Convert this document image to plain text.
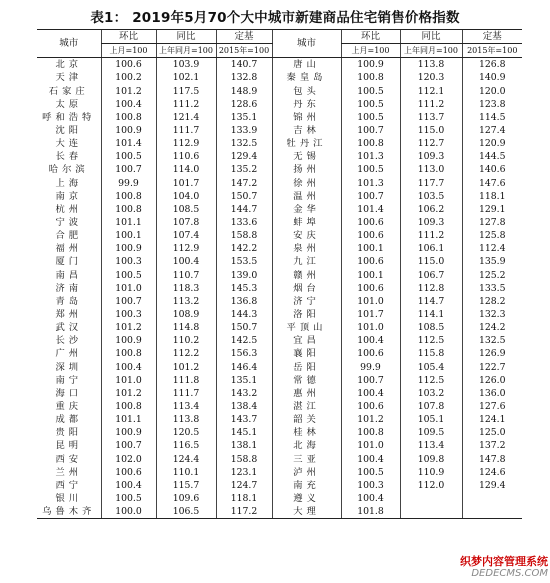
表1： 2019年5月70个大中城市新建商品住宅销售价格指数
城市	环比	同比	定基	城市	环比	同比	定基
	上月=100	上年同月=100	2015年=100		上月=100	上年同月=100	2015年=100
北京	100.6	103.9	140.7	唐山	100.9	113.8	126.8
天津	100.2	102.1	132.8	秦皇岛	100.8	120.3	140.9
石家庄	101.2	117.5	148.9	包头	100.5	112.1	120.0
太原	100.4	111.2	128.6	丹东	100.5	111.2	123.8
呼和浩特	100.8	121.4	135.1	锦州	100.5	113.7	114.5
沈阳	100.9	111.7	133.9	吉林	100.7	115.0	127.4
大连	101.4	112.9	132.5	牡丹江	100.8	112.7	120.9
长春	100.5	110.6	129.4	无锡	101.3	109.3	144.5
哈尔滨	100.7	114.0	135.2	扬州	100.5	113.0	140.6
上海	99.9	101.7	147.2	徐州	101.3	117.7	147.6
南京	100.8	104.0	150.7	温州	100.7	103.5	118.1
杭州	100.8	108.5	144.7	金华	101.4	106.2	129.1
宁波	101.1	107.8	133.6	蚌埠	100.6	109.3	127.8
合肥	100.1	107.4	158.8	安庆	100.6	111.2	125.8
福州	100.9	112.9	142.2	泉州	100.1	106.1	112.4
厦门	100.3	100.4	153.5	九江	100.6	115.0	135.9
南昌	100.5	110.7	139.0	赣州	100.1	106.7	125.2
济南	101.0	118.3	145.3	烟台	100.6	112.8	133.5
青岛	100.7	113.2	136.8	济宁	101.0	114.7	128.2
郑州	100.3	108.9	144.3	洛阳	101.7	114.1	132.3
武汉	101.2	114.8	150.7	平顶山	101.0	108.5	124.2
长沙	100.9	110.2	142.5	宜昌	100.4	112.5	132.5
广州	100.8	112.2	156.3	襄阳	100.6	115.8	126.9
深圳	100.4	101.2	146.4	岳阳	99.9	105.4	122.7
南宁	101.0	111.8	135.1	常德	100.7	112.5	126.0
海口	101.2	111.7	143.2	惠州	100.4	103.2	136.0
重庆	100.8	113.4	138.4	湛江	100.6	107.8	127.6
成都	101.1	113.8	143.7	韶关	101.2	105.1	124.1
贵阳	100.9	120.5	145.1	桂林	100.8	109.5	125.0
昆明	100.7	116.5	138.1	北海	101.0	113.4	137.2
西安	102.0	124.4	158.8	三亚	100.4	109.8	147.8
兰州	100.6	110.1	123.1	泸州	100.5	110.9	124.6
西宁	100.4	115.7	124.7	南充	100.3	112.0	129.4
银川	100.5	109.6	118.1	遵义	100.4		
乌鲁木齐	100.0	106.5	117.2	大理	101.8		
织梦内容管理系统
DEDECMS.COM
